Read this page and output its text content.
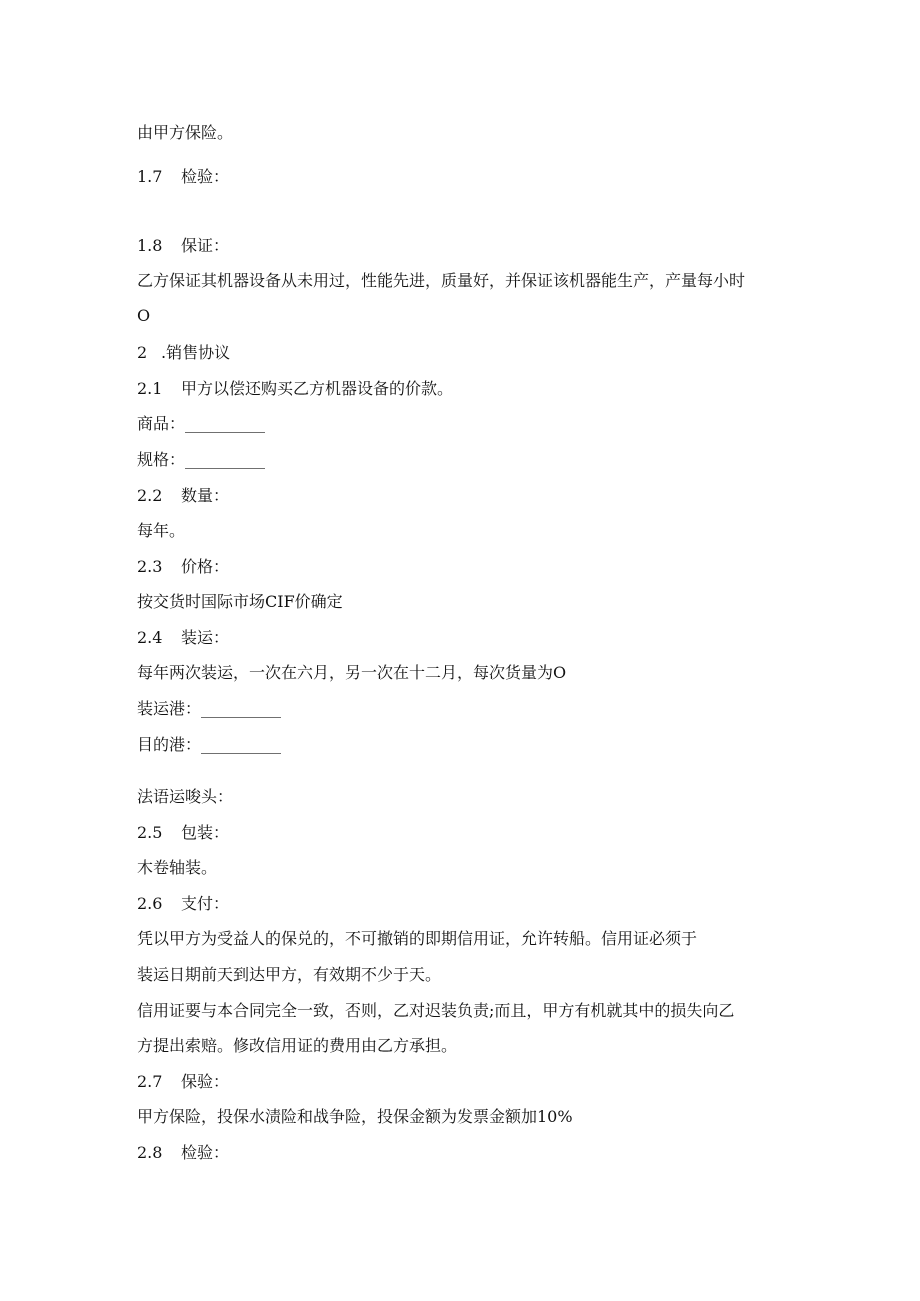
由甲方保险。
1.7 检验：
1.8 保证：
乙方保证其机器设备从未用过，性能先进，质量好，并保证该机器能生产，产量每小时
O
2 .销售协议
2.1 甲方以偿还购买乙方机器设备的价款。
商品：__________
规格：__________
2.2 数量：
每年。
2.3 价格：
按交货时国际市场CIF价确定
2.4 装运：
每年两次装运，一次在六月，另一次在十二月，每次货量为O
装运港：__________
目的港：__________
法语运唆头：
2.5 包装：
木卷轴装。
2.6 支付：
凭以甲方为受益人的保兑的，不可撤销的即期信用证，允许转船。信用证必须于
装运日期前天到达甲方，有效期不少于天。
信用证要与本合同完全一致，否则，乙对迟装负责;而且，甲方有机就其中的损失向乙
方提出索赔。修改信用证的费用由乙方承担。
2.7 保验：
甲方保险，投保水渍险和战争险，投保金额为发票金额加10%
2.8 检验：
